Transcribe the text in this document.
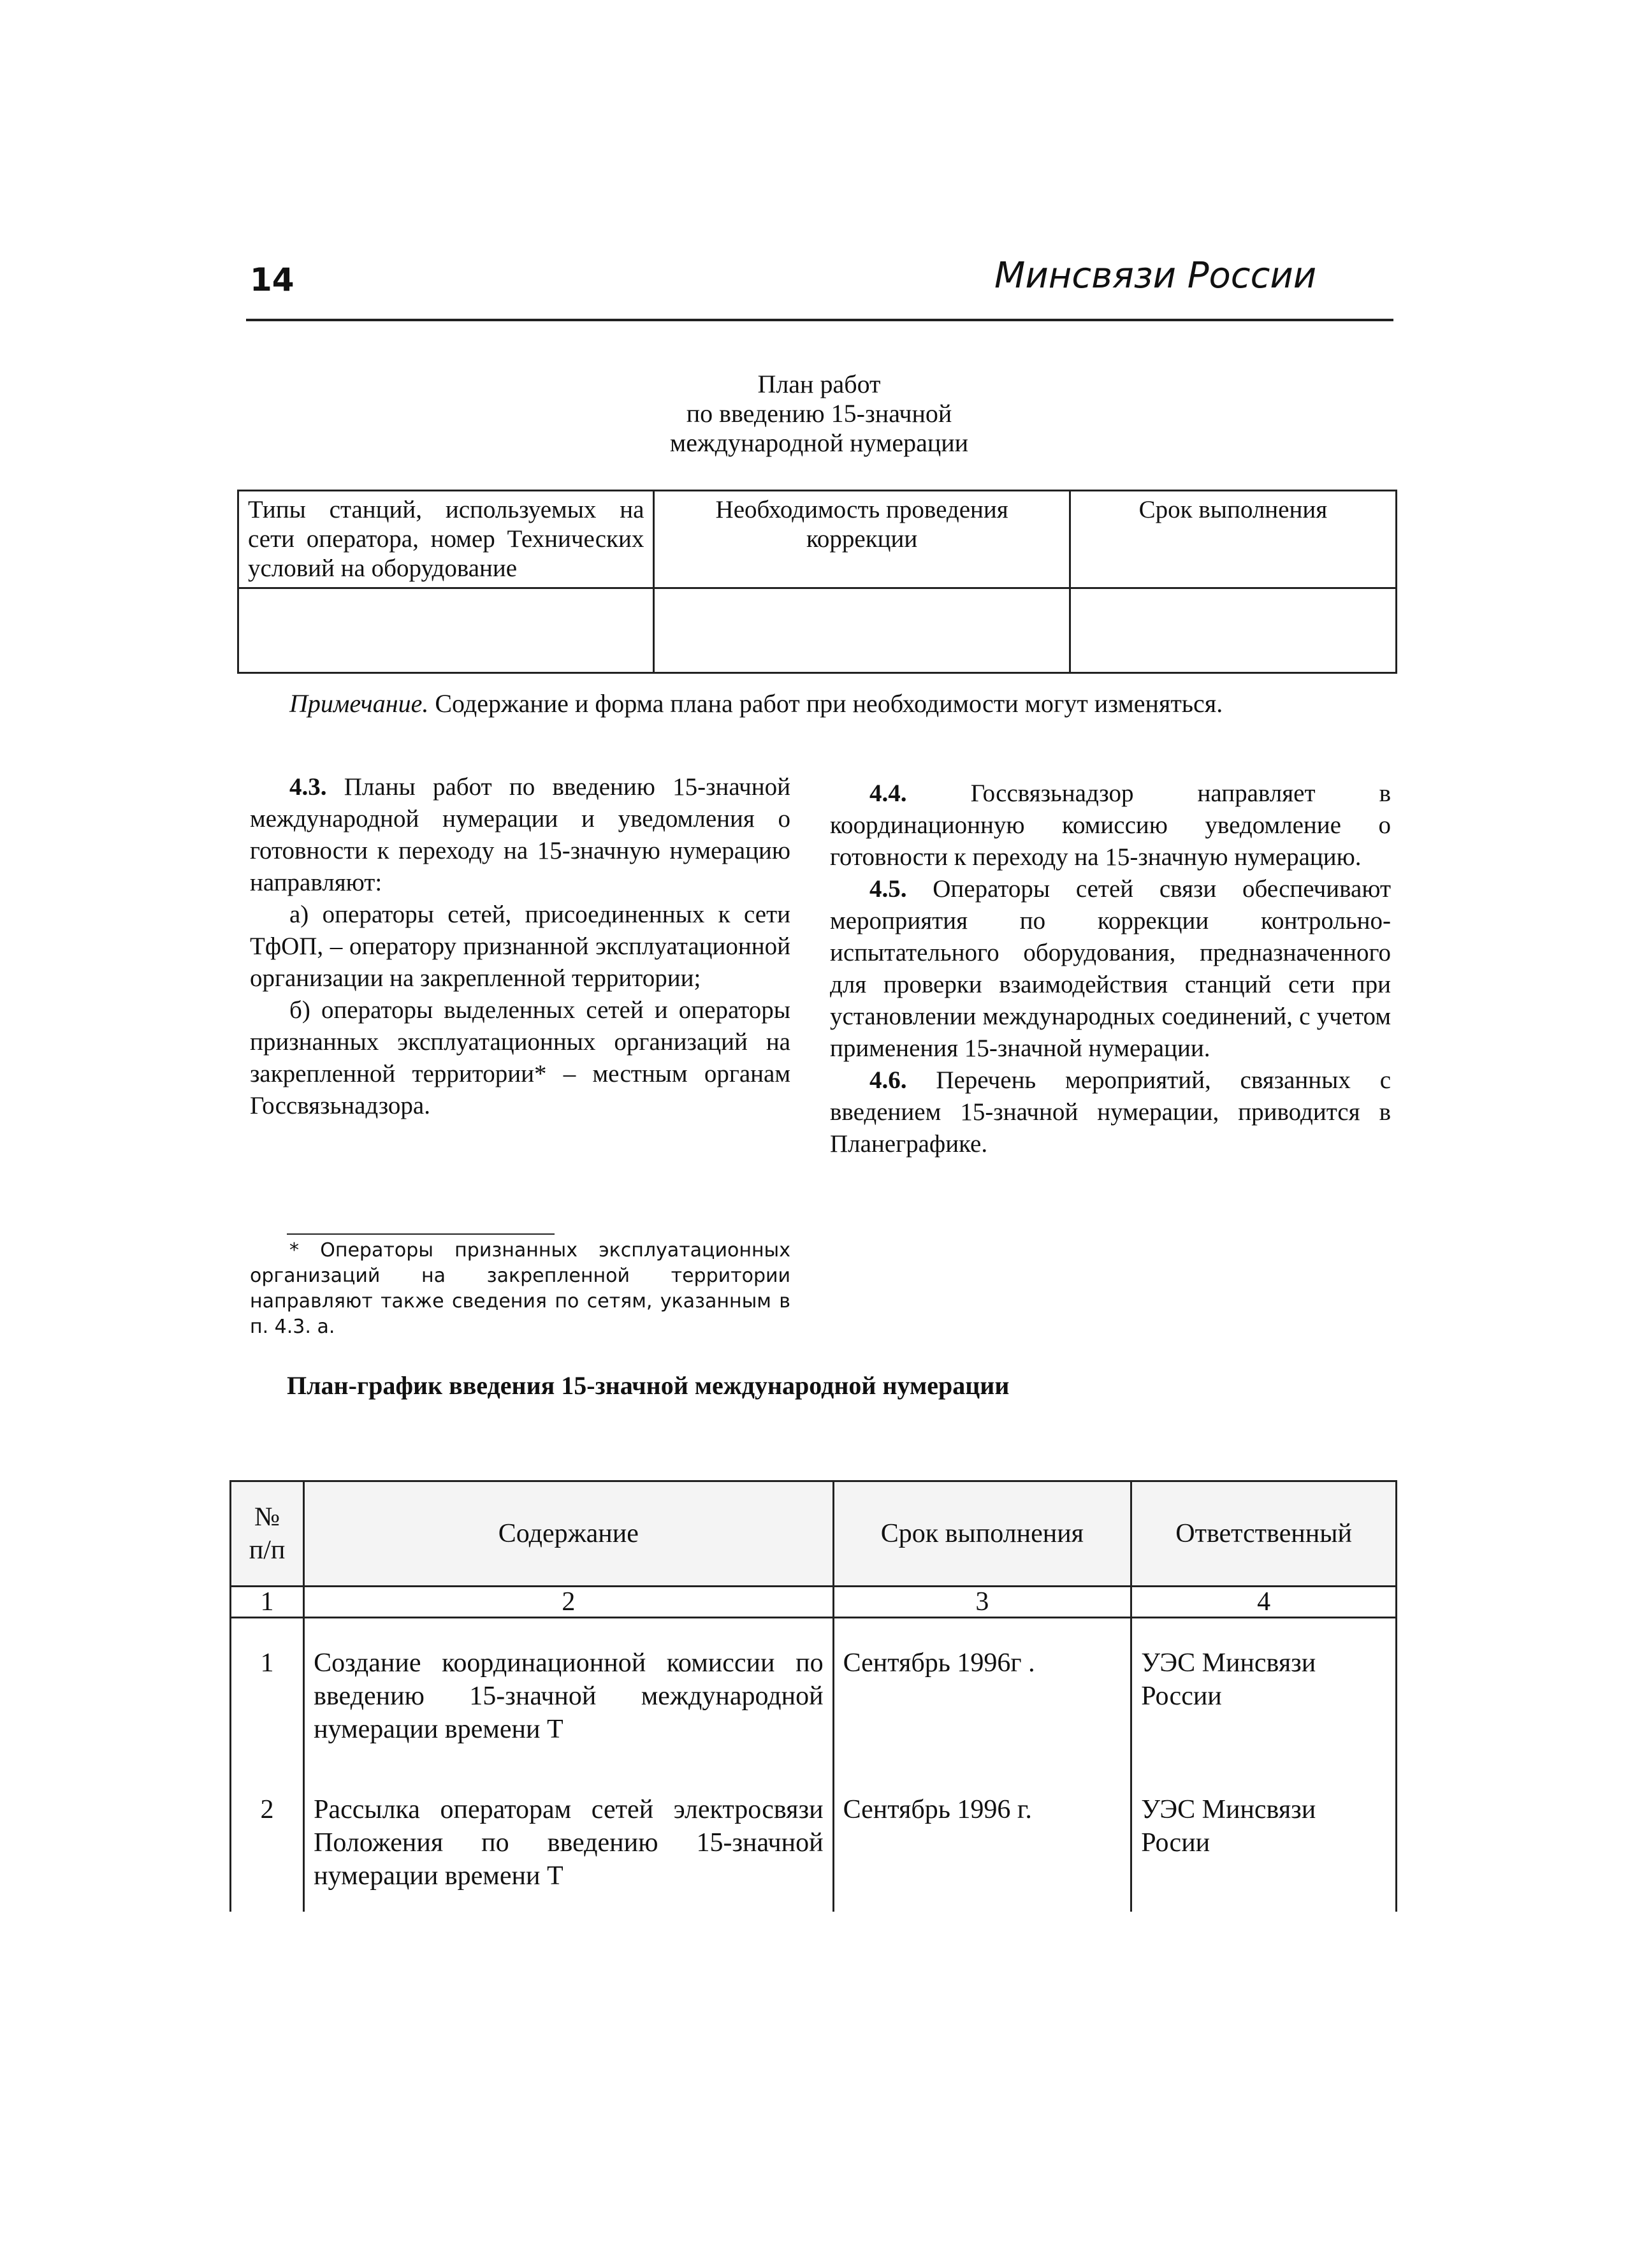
14	Минсвязи России
План работ
по введению 15-значной
международной нумерации
Типы станций, используемых на сети оператора, номер Технических условий на оборудование	Необходимость проведения коррекции	Срок выполнения

Примечание. Содержание и форма плана работ при необходимости могут изменяться.

4.3. Планы работ по введению 15-значной международной нумерации и уведомления о готовности к переходу на 15-значную нумерацию направляют:

а) операторы сетей, присоединенных к сети ТфОП, – оператору признанной эксплуатационной организации на закрепленной территории;

б) операторы выделенных сетей и операторы признанных эксплуатационных организаций на закрепленной территории* – местным органам Госсвязьнадзора.

* Операторы признанных эксплуатационных организаций на закрепленной территории направляют также сведения по сетям, указанным в п. 4.3. а.

4.4.	Госсвязьнадзор направляет в координационную комиссию уведомление о готовности к переходу на 15-значную нумерацию.

4.5. Операторы сетей связи обеспечивают мероприятия по коррекции контрольно-испытательного оборудования, предназначенного для проверки взаимодействия станций сети при установлении международных соединений, с учетом применения 15-значной нумерации.

4.6. Перечень мероприятий, связанных с введением 15-значной нумерации, приводится в Планеграфике.

План-график введения 15-значной международной нумерации
№ п/п	Содержание	Срок выполнения	Ответственный
1	2	3	4
1	Создание координационной комиссии по введению 15-значной международной нумерации времени Т	Сентябрь 1996г .	УЭС Минсвязи России
2	Рассылка операторам сетей электросвязи Положения по введению 15-значной нумерации времени Т	Сентябрь 1996 г.	УЭС Минсвязи Росии
